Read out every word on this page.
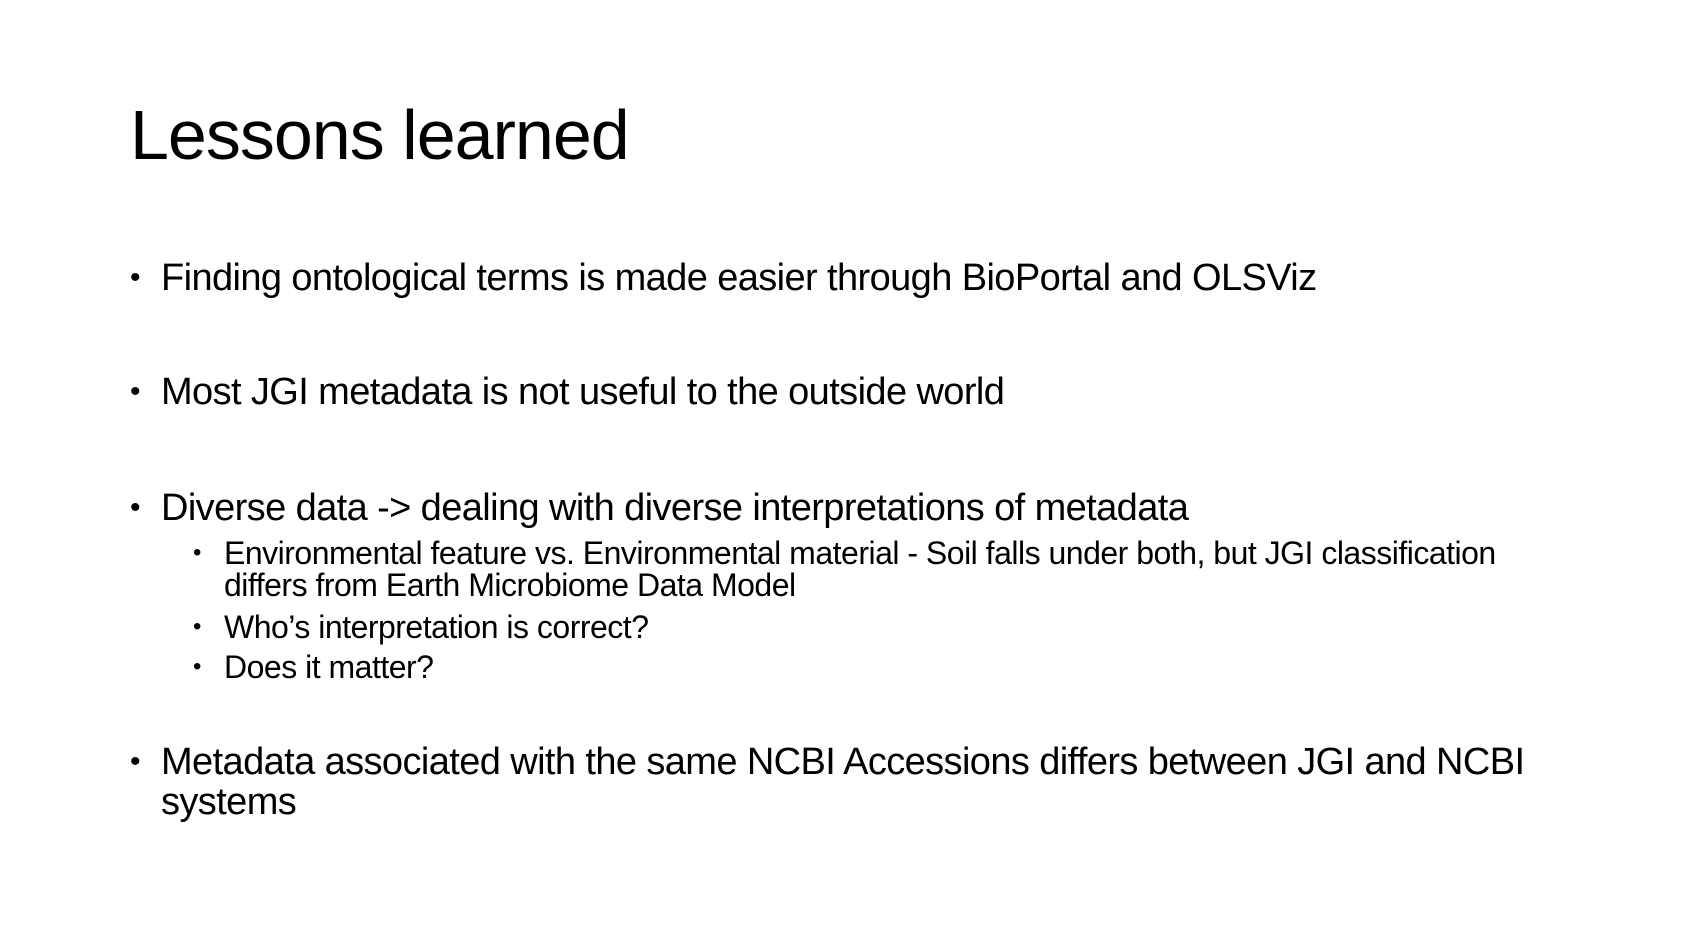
Lessons learned
• Finding ontological terms is made easier through BioPortal and OLSViz
• Most JGI metadata is not useful to the outside world
• Diverse data -> dealing with diverse interpretations of metadata
• Environmental feature vs. Environmental material - Soil falls under both, but JGI classification differs from Earth Microbiome Data Model
• Who’s interpretation is correct?
• Does it matter?
• Metadata associated with the same NCBI Accessions differs between JGI and NCBI systems
